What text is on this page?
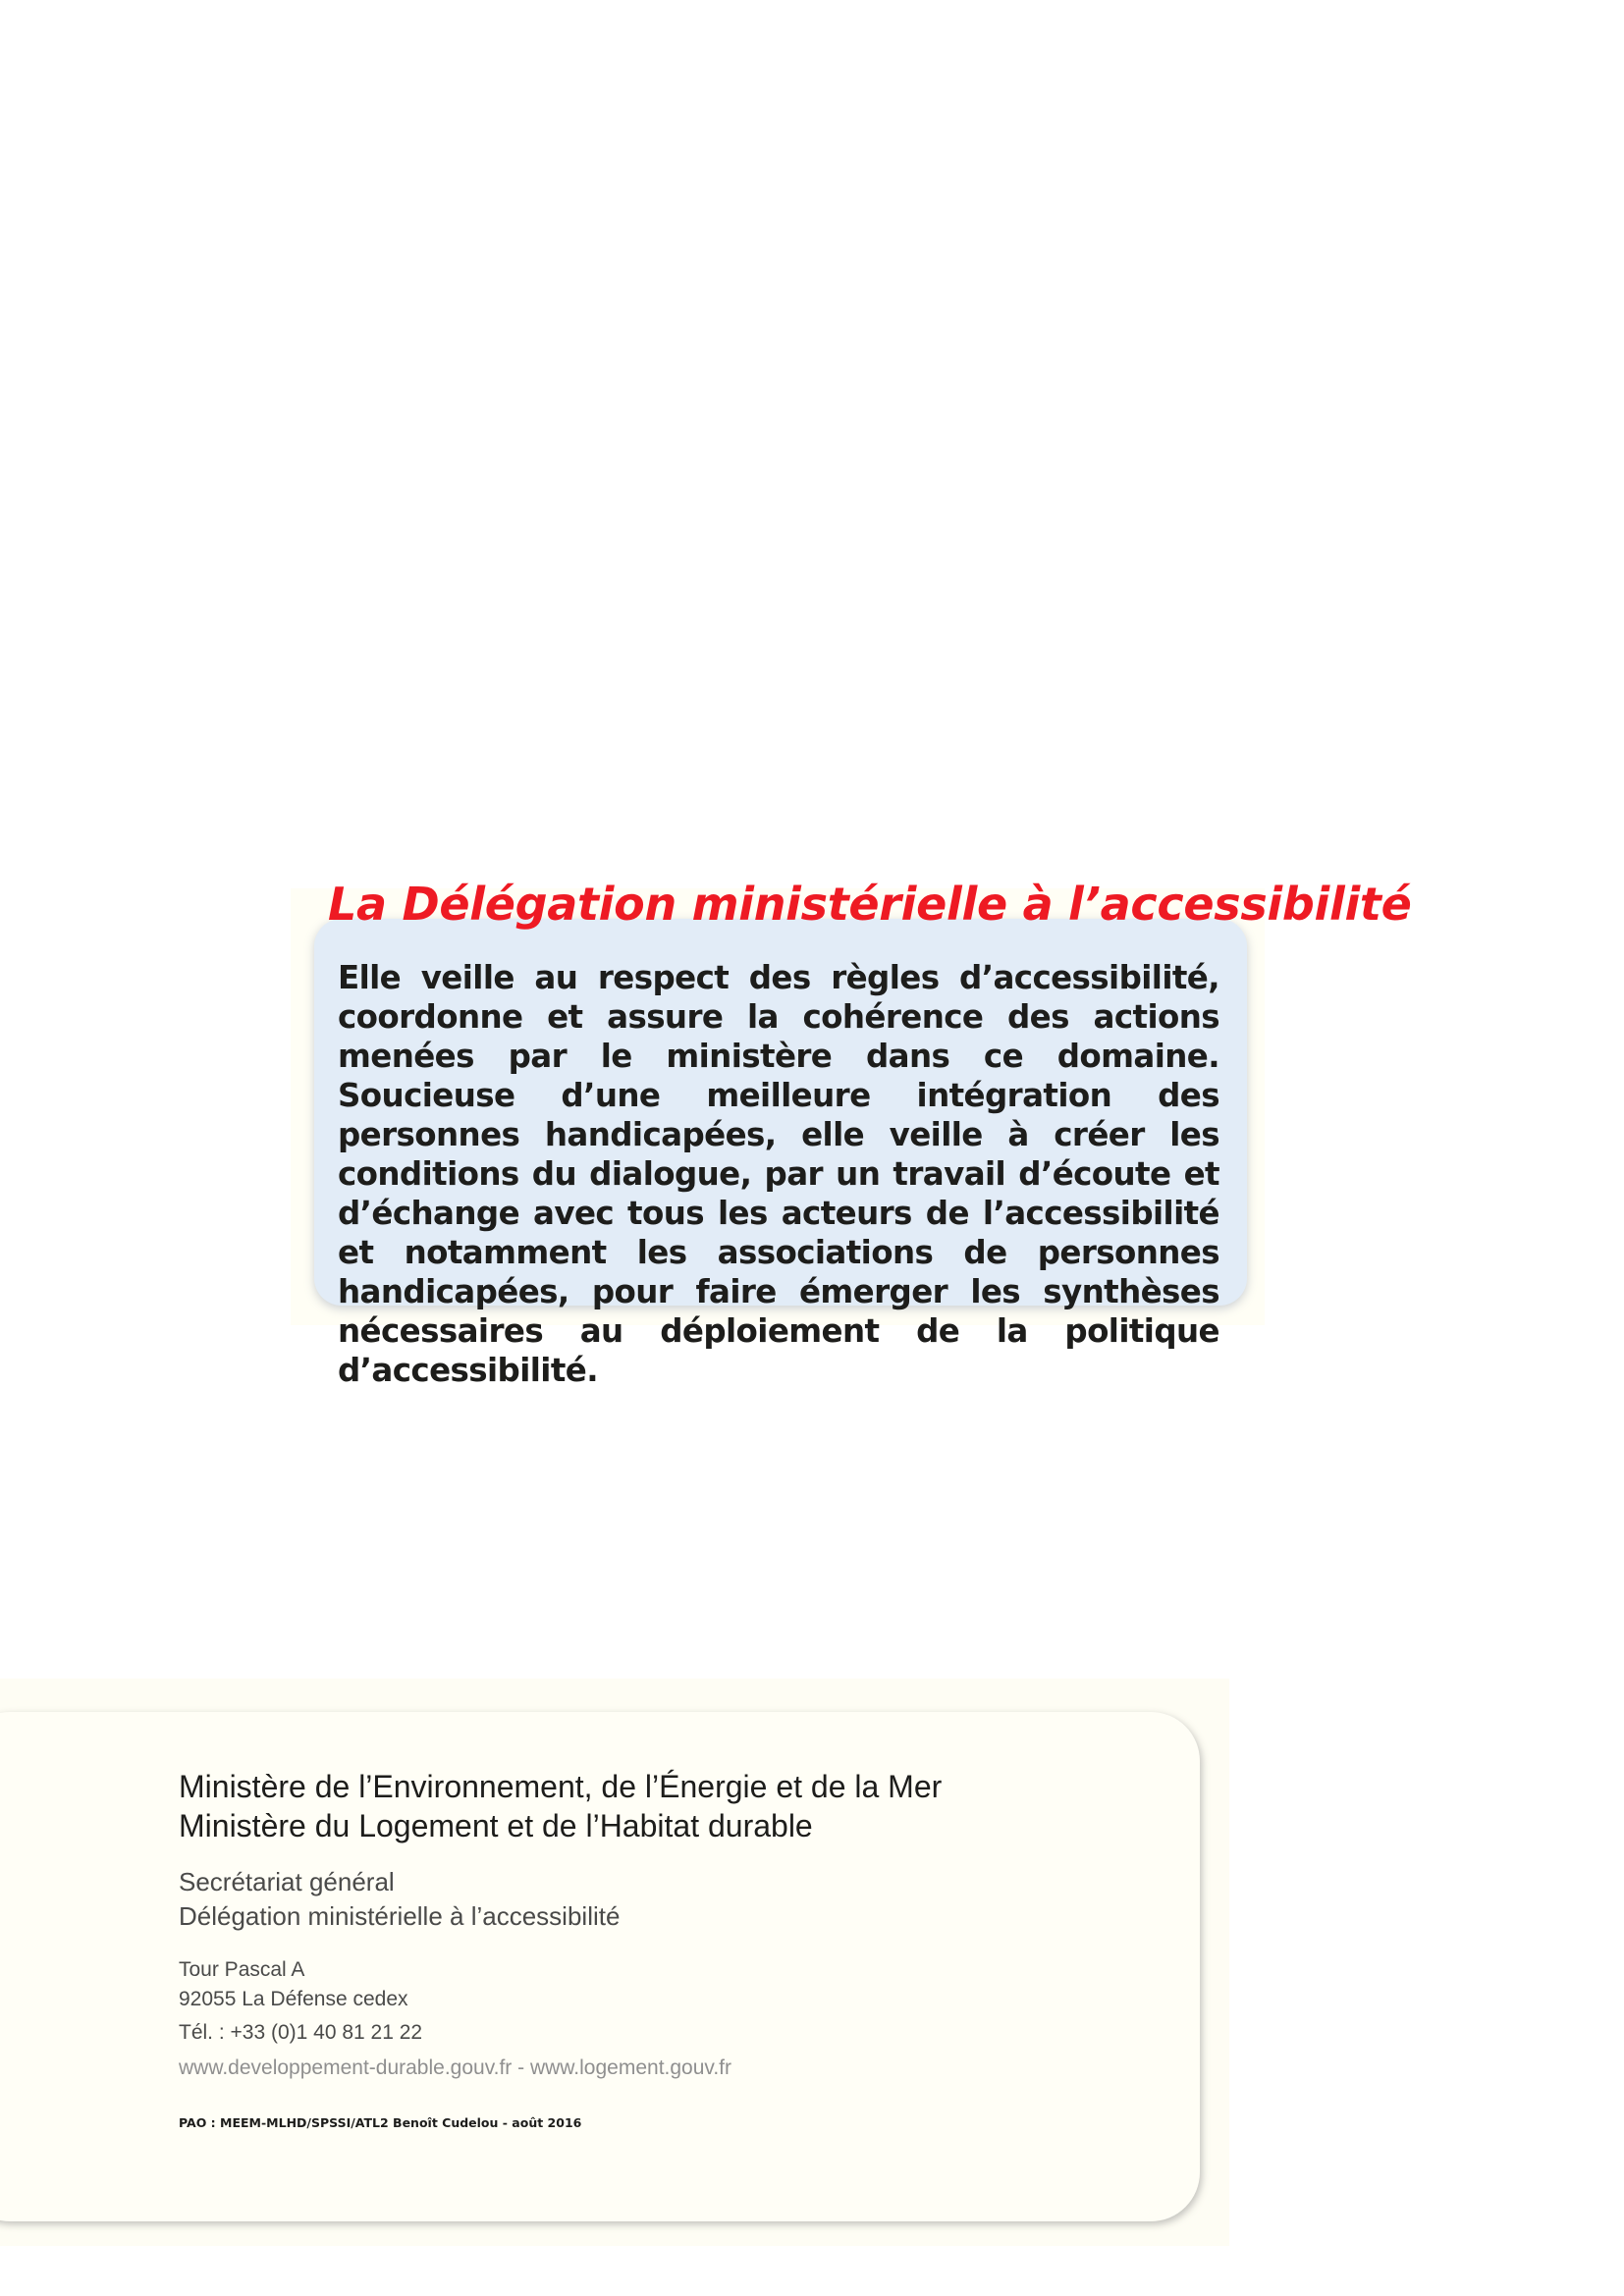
Elle veille au respect des règles d’accessibilité, coordonne et assure la cohérence des actions menées par le ministère dans ce domaine. Soucieuse d’une meilleure intégration des personnes handicapées, elle veille à créer les conditions du dialogue, par un travail d’écoute et d’échange avec tous les acteurs de l’accessibilité et notamment les associations de personnes handicapées, pour faire émerger les synthèses nécessaires au déploiement de la politique d’accessibilité.

La Délégation ministérielle à l’accessibilité

Ministère de l’Environnement, de l’Énergie et de la Mer

Ministère du Logement et de l’Habitat durable

Secrétariat général

Délégation ministérielle à l’accessibilité

Tour Pascal A

92055 La Défense cedex

Tél. : +33 (0)1 40 81 21 22

www.developpement-durable.gouv.fr - www.logement.gouv.fr

PAO : MEEM-MLHD/SPSSI/ATL2 Benoît Cudelou - août 2016
